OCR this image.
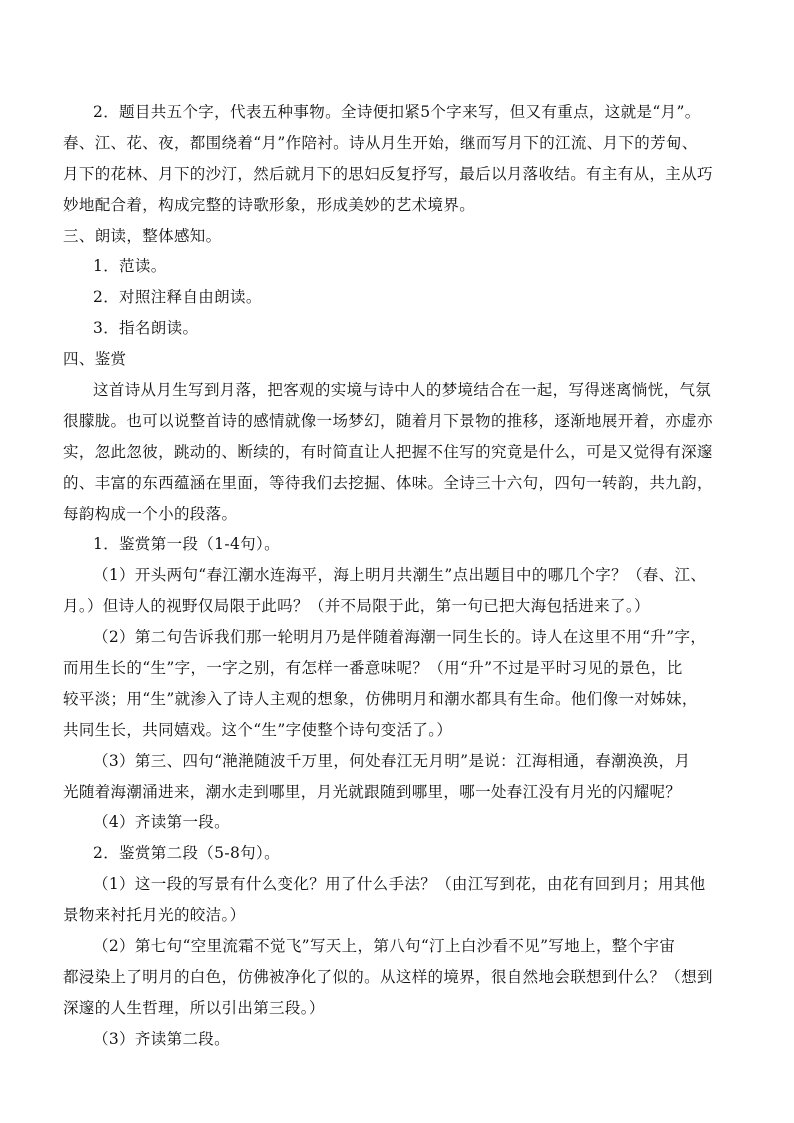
2．题目共五个字，代表五种事物。全诗便扣紧5个字来写，但又有重点，这就是“月”。
春、江、花、夜，都围绕着“月”作陪衬。诗从月生开始，继而写月下的江流、月下的芳甸、
月下的花林、月下的沙汀，然后就月下的思妇反复抒写，最后以月落收结。有主有从，主从巧
妙地配合着，构成完整的诗歌形象，形成美妙的艺术境界。
三、朗读，整体感知。
1．范读。
2．对照注释自由朗读。
3．指名朗读。
四、鉴赏
这首诗从月生写到月落，把客观的实境与诗中人的梦境结合在一起，写得迷离惝恍，气氛
很朦胧。也可以说整首诗的感情就像一场梦幻，随着月下景物的推移，逐渐地展开着，亦虚亦
实，忽此忽彼，跳动的、断续的，有时简直让人把握不住写的究竟是什么，可是又觉得有深邃
的、丰富的东西蕴涵在里面，等待我们去挖掘、体味。全诗三十六句，四句一转韵，共九韵，
每韵构成一个小的段落。
1．鉴赏第一段（1-4句）。
（1）开头两句“春江潮水连海平，海上明月共潮生”点出题目中的哪几个字？（春、江、
月。）但诗人的视野仅局限于此吗？（并不局限于此，第一句已把大海包括进来了。）
（2）第二句告诉我们那一轮明月乃是伴随着海潮一同生长的。诗人在这里不用“升”字，
而用生长的“生”字，一字之别，有怎样一番意味呢？（用“升”不过是平时习见的景色，比
较平淡；用“生”就渗入了诗人主观的想象，仿佛明月和潮水都具有生命。他们像一对姊妹，
共同生长，共同嬉戏。这个“生”字使整个诗句变活了。）
（3）第三、四句“滟滟随波千万里，何处春江无月明”是说：江海相通，春潮涣涣，月
光随着海潮涌进来，潮水走到哪里，月光就跟随到哪里，哪一处春江没有月光的闪耀呢？
（4）齐读第一段。
2．鉴赏第二段（5-8句）。
（1）这一段的写景有什么变化？用了什么手法？（由江写到花，由花有回到月；用其他
景物来衬托月光的皎洁。）
（2）第七句“空里流霜不觉飞”写天上，第八句“汀上白沙看不见”写地上，整个宇宙
都浸染上了明月的白色，仿佛被净化了似的。从这样的境界，很自然地会联想到什么？（想到
深邃的人生哲理，所以引出第三段。）
（3）齐读第二段。
